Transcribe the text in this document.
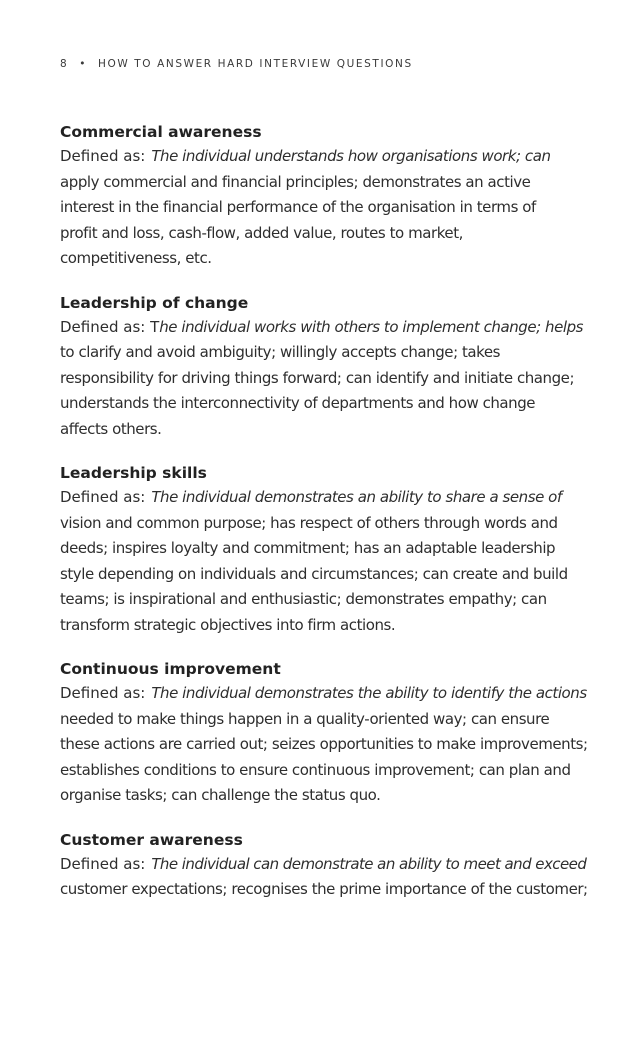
8 • HOW TO ANSWER HARD INTERVIEW QUESTIONS
Commercial awareness
Defined as: The individual understands how organisations work; can
apply commercial and financial principles; demonstrates an active
interest in the financial performance of the organisation in terms of
profit and loss, cash-flow, added value, routes to market,
competitiveness, etc.
Leadership of change
Defined as: The individual works with others to implement change; helps
to clarify and avoid ambiguity; willingly accepts change; takes
responsibility for driving things forward; can identify and initiate change;
understands the interconnectivity of departments and how change
affects others.
Leadership skills
Defined as: The individual demonstrates an ability to share a sense of
vision and common purpose; has respect of others through words and
deeds; inspires loyalty and commitment; has an adaptable leadership
style depending on individuals and circumstances; can create and build
teams; is inspirational and enthusiastic; demonstrates empathy; can
transform strategic objectives into firm actions.
Continuous improvement
Defined as: The individual demonstrates the ability to identify the actions
needed to make things happen in a quality-oriented way; can ensure
these actions are carried out; seizes opportunities to make improvements;
establishes conditions to ensure continuous improvement; can plan and
organise tasks; can challenge the status quo.
Customer awareness
Defined as: The individual can demonstrate an ability to meet and exceed
customer expectations; recognises the prime importance of the customer;
